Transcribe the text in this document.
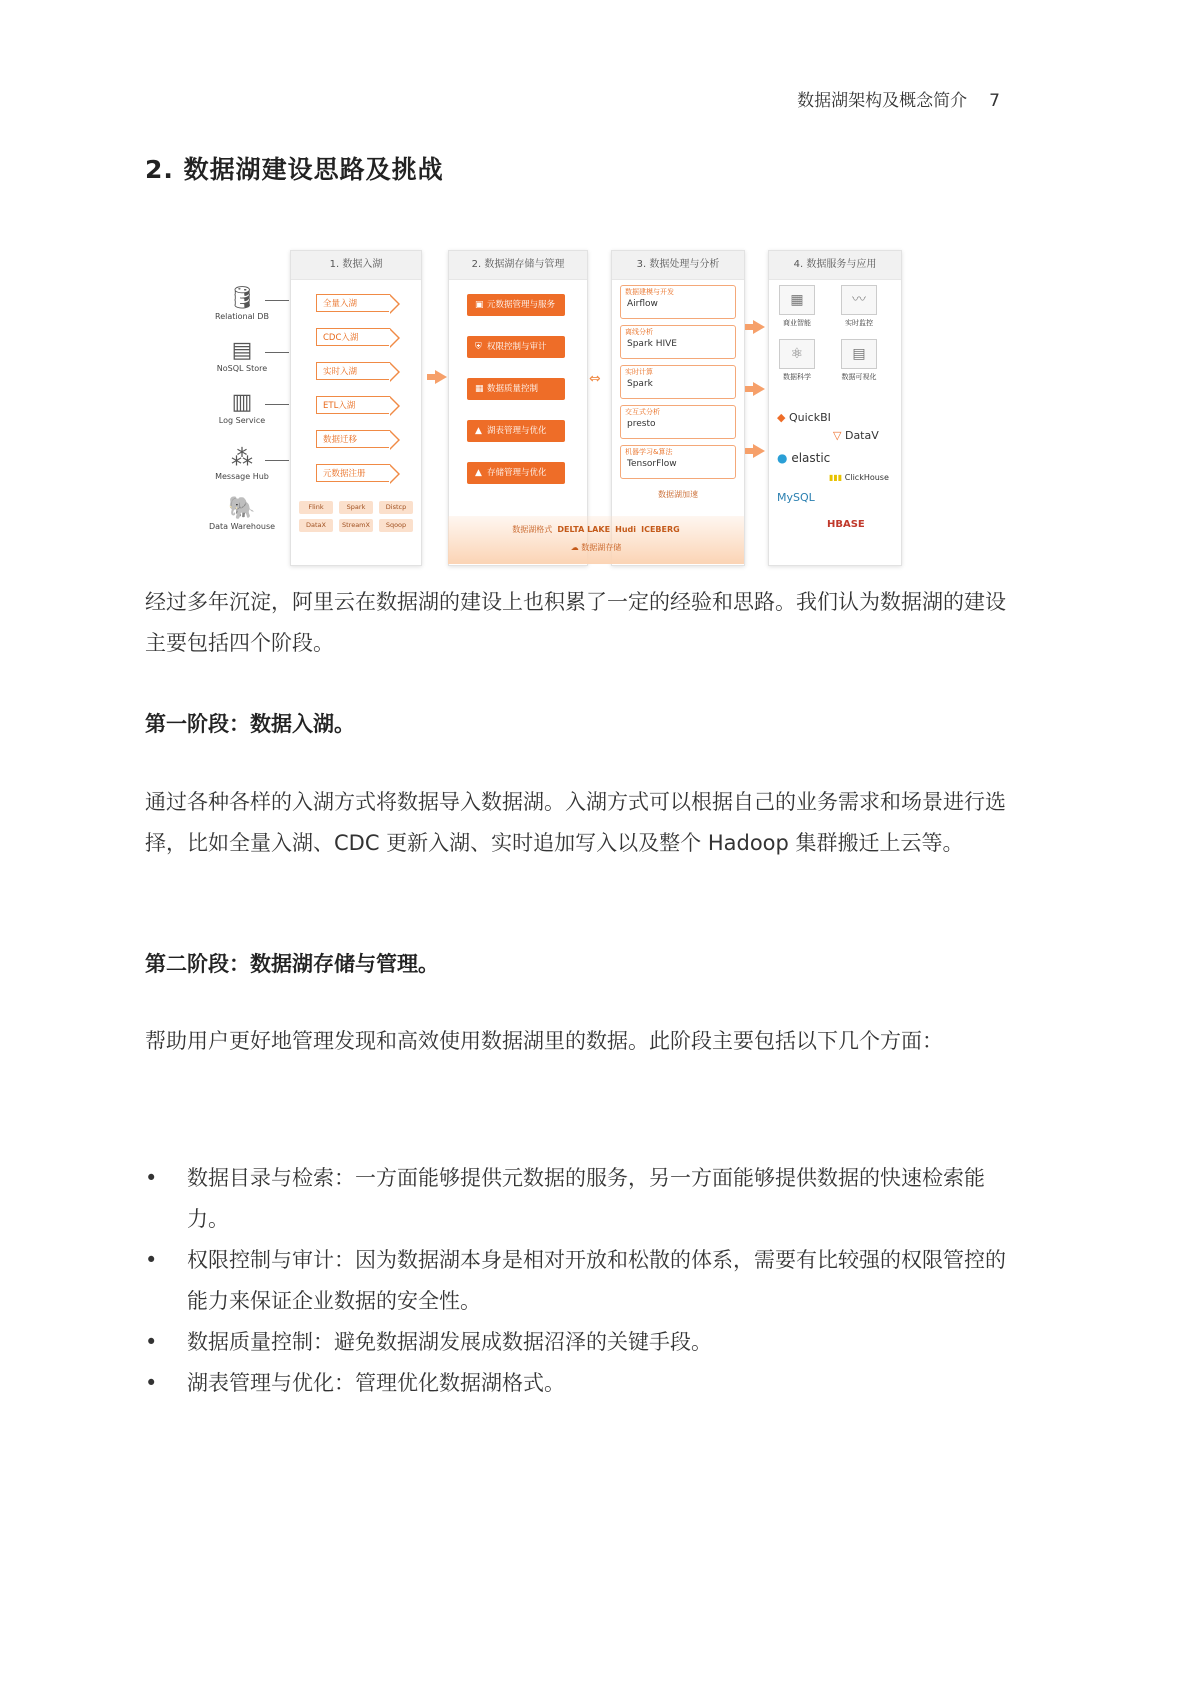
数据湖架构及概念简介 7
2. 数据湖建设思路及挑战
🛢
Relational DB
▤
NoSQL Store
▥
Log Service
⁂
Message Hub
🐘
Data Warehouse
1. 数据入湖
全量入湖
CDC入湖
实时入湖
ETL入湖
数据迁移
元数据注册
Flink	Spark	Distcp
DataX	StreamX	Sqoop
2. 数据湖存储与管理
▣ 元数据管理与服务
⛨ 权限控制与审计
▦ 数据质量控制
▲ 湖表管理与优化
▲ 存储管理与优化
⇔
3. 数据处理与分析
数据建模与开发
Airflow
离线分析
Spark HIVE
实时计算
Spark
交互式分析
presto
机器学习&算法
TensorFlow
数据湖加速
数据湖格式 DELTA LAKE Hudi ICEBERG
☁ 数据湖存储
4. 数据服务与应用
▦
商业智能
〰
实时监控
⚛
数据科学
▤
数据可视化
◆ QuickBI
▽ DataV
● elastic
▮▮▮ ClickHouse
MySQL
HBASE

经过多年沉淀，阿里云在数据湖的建设上也积累了一定的经验和思路。我们认为数据湖的建设主要包括四个阶段。

第一阶段：数据入湖。

通过各种各样的入湖方式将数据导入数据湖。入湖方式可以根据自己的业务需求和场景进行选择，比如全量入湖、CDC 更新入湖、实时追加写入以及整个 Hadoop 集群搬迁上云等。

第二阶段：数据湖存储与管理。

帮助用户更好地管理发现和高效使用数据湖里的数据。此阶段主要包括以下几个方面：

• 数据目录与检索：一方面能够提供元数据的服务，另一方面能够提供数据的快速检索能力。
• 权限控制与审计：因为数据湖本身是相对开放和松散的体系，需要有比较强的权限管控的能力来保证企业数据的安全性。
• 数据质量控制：避免数据湖发展成数据沼泽的关键手段。
• 湖表管理与优化：管理优化数据湖格式。
